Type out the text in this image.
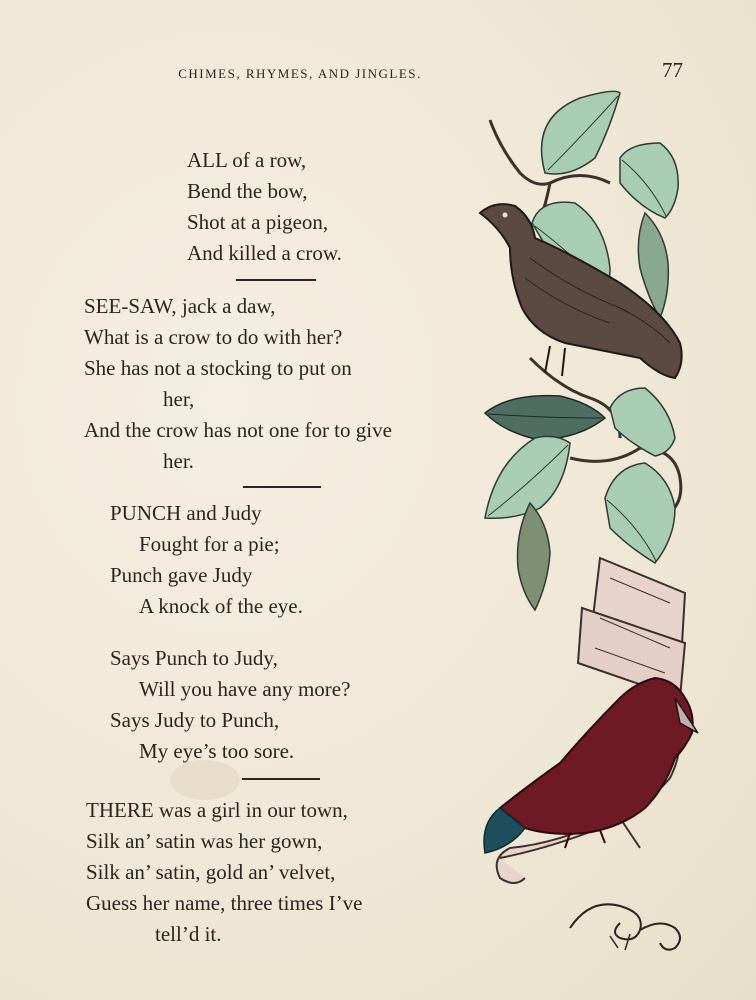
CHIMES, RHYMES, AND JINGLES.	77
ALL of a row,
Bend the bow,
Shot at a pigeon,
And killed a crow.
SEE-SAW, jack a daw,
What is a crow to do with her?
She has not a stocking to put on
her,
And the crow has not one for to give
her.
PUNCH and Judy
Fought for a pie;
Punch gave Judy
A knock of the eye.
Says Punch to Judy,
Will you have any more?
Says Judy to Punch,
My eye’s too sore.
THERE was a girl in our town,
Silk an’ satin was her gown,
Silk an’ satin, gold an’ velvet,
Guess her name, three times I’ve
tell’d it.
